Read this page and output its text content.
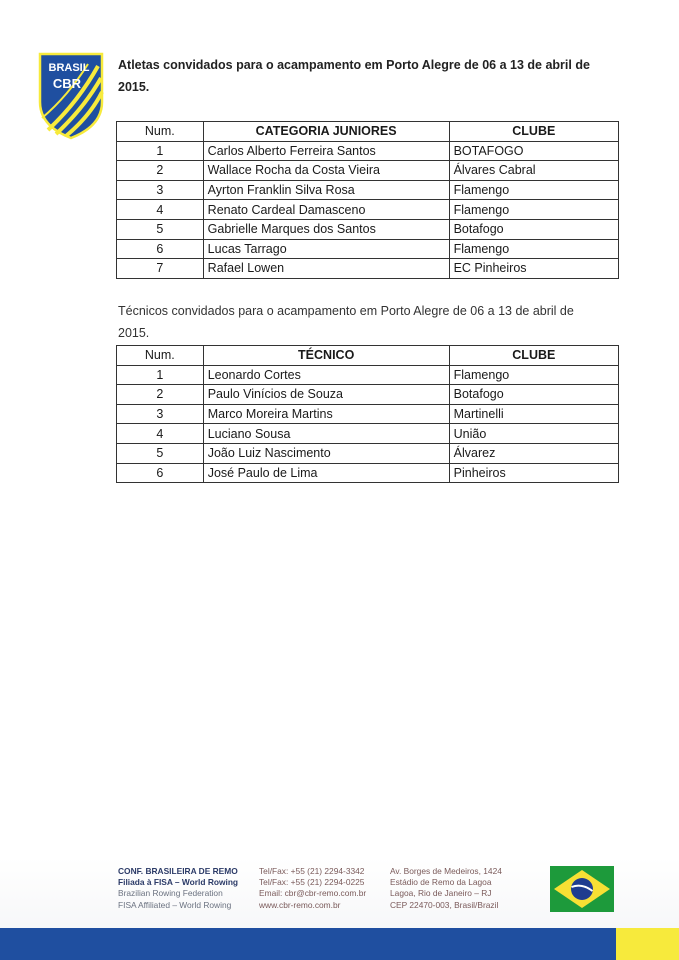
BRASIL
CBR
Atletas convidados para o acampamento em Porto Alegre de 06 a 13 de abril de 2015.
Num.	CATEGORIA JUNIORES	CLUBE
1	Carlos Alberto Ferreira Santos	BOTAFOGO
2	Wallace Rocha da Costa Vieira	Álvares Cabral
3	Ayrton Franklin Silva Rosa	Flamengo
4	Renato Cardeal Damasceno	Flamengo
5	Gabrielle Marques dos Santos	Botafogo
6	Lucas Tarrago	Flamengo
7	Rafael Lowen	EC Pinheiros
Técnicos convidados para o acampamento em Porto Alegre de 06 a 13 de abril de 2015.
Num.	TÉCNICO	CLUBE
1	Leonardo Cortes	Flamengo
2	Paulo Vinícios de Souza	Botafogo
3	Marco Moreira Martins	Martinelli
4	Luciano Sousa	União
5	João Luiz Nascimento	Álvarez
6	José Paulo de Lima	Pinheiros
CONF. BRASILEIRA DE REMO
Filiada à FISA – World Rowing
Brazilian Rowing Federation
FISA Affiliated – World Rowing
Tel/Fax: +55 (21) 2294-3342
Tel/Fax: +55 (21) 2294-0225
Email: cbr@cbr-remo.com.br
www.cbr-remo.com.br
Av. Borges de Medeiros, 1424
Estádio de Remo da Lagoa
Lagoa, Rio de Janeiro – RJ
CEP 22470-003, Brasil/Brazil
